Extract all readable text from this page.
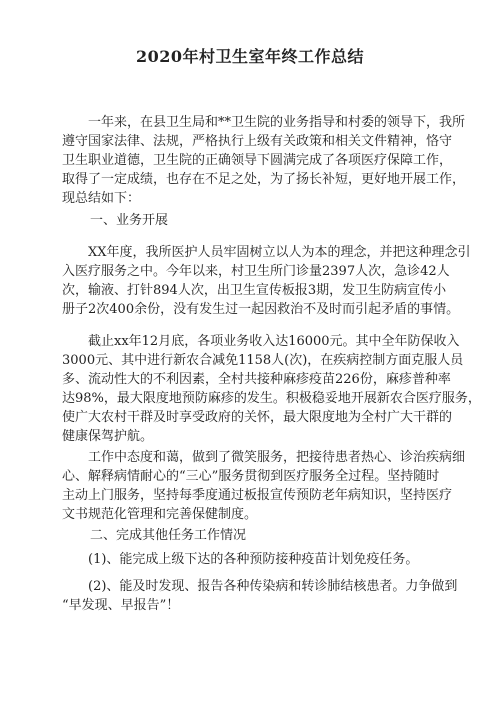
2020年村卫生室年终工作总结
一年来，在县卫生局和**卫生院的业务指导和村委的领导下，我所
遵守国家法律、法规，严格执行上级有关政策和相关文件精神，恪守
卫生职业道德，卫生院的正确领导下圆满完成了各项医疗保障工作，
取得了一定成绩，也存在不足之处，为了扬长补短，更好地开展工作，
现总结如下：
一、业务开展
XX年度，我所医护人员牢固树立以人为本的理念，并把这种理念引
入医疗服务之中。今年以来，村卫生所门诊量2397人次，急诊42人
次，输液、打针894人次，出卫生宣传板报3期，发卫生防病宣传小
册子2次400余份，没有发生过一起因救治不及时而引起矛盾的事情。
截止xx年12月底，各项业务收入达16000元。其中全年防保收入
3000元、其中进行新农合减免1158人(次)，在疾病控制方面克服人员
多、流动性大的不利因素，全村共接种麻疹疫苗226份，麻疹普种率
达98%，最大限度地预防麻疹的发生。积极稳妥地开展新农合医疗服务，
使广大农村干群及时享受政府的关怀，最大限度地为全村广大干群的
健康保驾护航。
工作中态度和蔼，做到了微笑服务，把接待患者热心、诊治疾病细
心、解释病情耐心的“三心”服务贯彻到医疗服务全过程。坚持随时
主动上门服务，坚持每季度通过板报宣传预防老年病知识，坚持医疗
文书规范化管理和完善保健制度。
二、完成其他任务工作情况
(1)、能完成上级下达的各种预防接种疫苗计划免疫任务。
(2)、能及时发现、报告各种传染病和转诊肺结核患者。力争做到
“早发现、早报告”！
